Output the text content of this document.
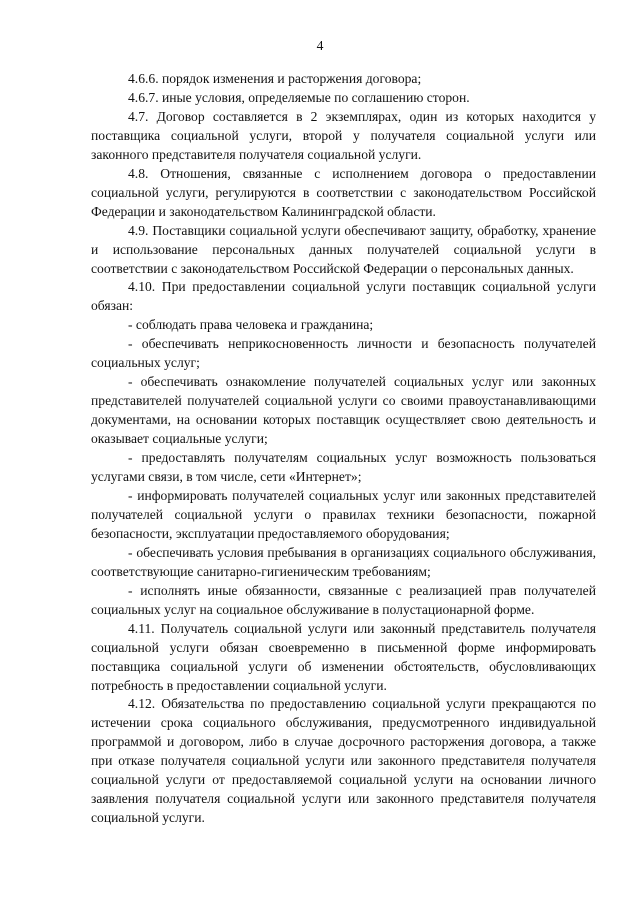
4

4.6.6. порядок изменения и расторжения договора;

4.6.7. иные условия, определяемые по соглашению сторон.

4.7. Договор составляется в 2 экземплярах, один из которых находится у поставщика социальной услуги, второй у получателя социальной услуги или законного представителя получателя социальной услуги.

4.8. Отношения, связанные с исполнением договора о предоставлении социальной услуги, регулируются в соответствии с законодательством Российской Федерации и законодательством Калининградской области.

4.9. Поставщики социальной услуги обеспечивают защиту, обработку, хранение и использование персональных данных получателей социальной услуги в соответствии с законодательством Российской Федерации о персональных данных.

4.10. При предоставлении социальной услуги поставщик социальной услуги обязан:

- соблюдать права человека и гражданина;

- обеспечивать неприкосновенность личности и безопасность получателей социальных услуг;

- обеспечивать ознакомление получателей социальных услуг или законных представителей получателей социальной услуги со своими правоустанавливающими документами, на основании которых поставщик осуществляет свою деятельность и оказывает социальные услуги;

- предоставлять получателям социальных услуг возможность пользоваться услугами связи, в том числе, сети «Интернет»;

- информировать получателей социальных услуг или законных представителей получателей социальной услуги о правилах техники безопасности, пожарной безопасности, эксплуатации предоставляемого оборудования;

- обеспечивать условия пребывания в организациях социального обслуживания, соответствующие санитарно-гигиеническим требованиям;

- исполнять иные обязанности, связанные с реализацией прав получателей социальных услуг на социальное обслуживание в полустационарной форме.

4.11. Получатель социальной услуги или законный представитель получателя социальной услуги обязан своевременно в письменной форме информировать поставщика социальной услуги об изменении обстоятельств, обусловливающих потребность в предоставлении социальной услуги.

4.12. Обязательства по предоставлению социальной услуги прекращаются по истечении срока социального обслуживания, предусмотренного индивидуальной программой и договором, либо в случае досрочного расторжения договора, а также при отказе получателя социальной услуги или законного представителя получателя социальной услуги от предоставляемой социальной услуги на основании личного заявления получателя социальной услуги или законного представителя получателя социальной услуги.
